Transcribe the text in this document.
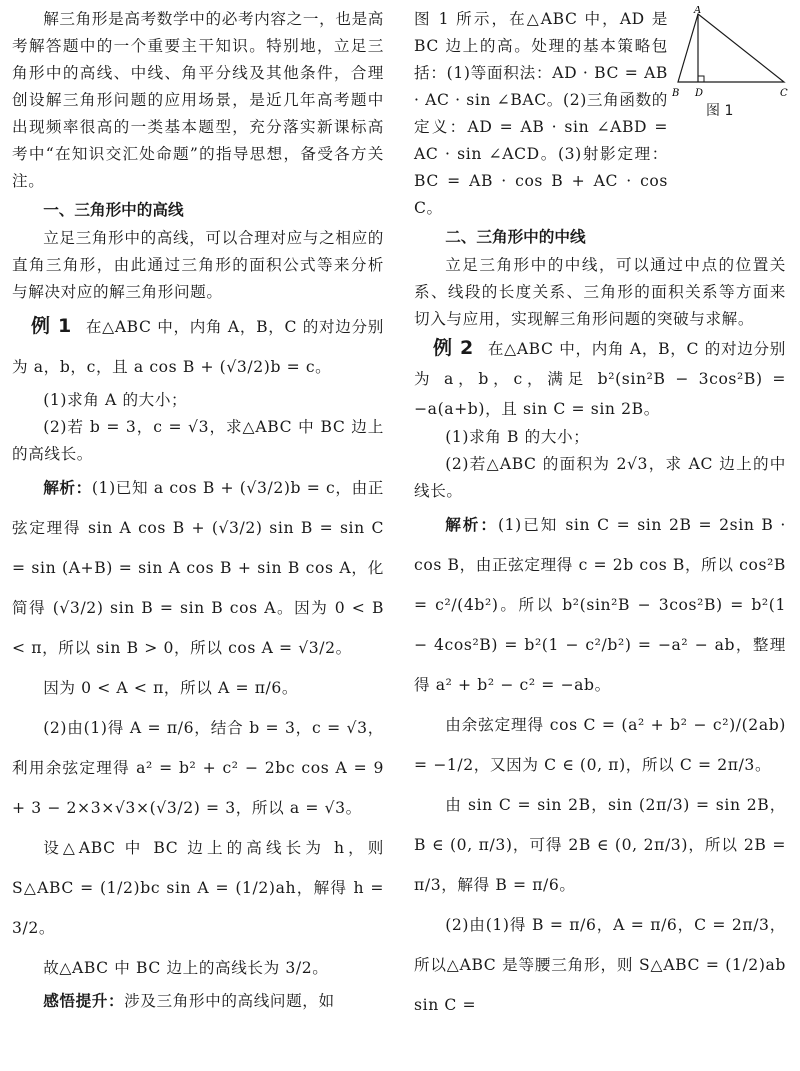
解三角形是高考数学中的必考内容之一，也是高考解答题中的一个重要主干知识。特别地，立足三角形中的高线、中线、角平分线及其他条件，合理创设解三角形问题的应用场景，是近几年高考题中出现频率很高的一类基本题型，充分落实新课标高考中“在知识交汇处命题”的指导思想，备受各方关注。

一、三角形中的高线

立足三角形中的高线，可以合理对应与之相应的直角三角形，由此通过三角形的面积公式等来分析与解决对应的解三角形问题。

例 1 在△ABC 中，内角 A，B，C 的对边分别为 a，b，c，且 a cos B + (√3/2)b = c。

(1)求角 A 的大小；

(2)若 b = 3，c = √3，求△ABC 中 BC 边上的高线长。

解析：(1)已知 a cos B + (√3/2)b = c，由正弦定理得 sin A cos B + (√3/2) sin B = sin C = sin (A+B) = sin A cos B + sin B cos A，化简得 (√3/2) sin B = sin B cos A。因为 0 < B < π，所以 sin B > 0，所以 cos A = √3/2。

因为 0 < A < π，所以 A = π/6。

(2)由(1)得 A = π/6，结合 b = 3，c = √3，利用余弦定理得 a² = b² + c² − 2bc cos A = 9 + 3 − 2×3×√3×(√3/2) = 3，所以 a = √3。

设△ABC 中 BC 边上的高线长为 h，则 S△ABC = (1/2)bc sin A = (1/2)ah，解得 h = 3/2。

故△ABC 中 BC 边上的高线长为 3/2。

感悟提升：涉及三角形中的高线问题，如

A
B D	C
图 1

图 1 所示，在△ABC 中，AD 是 BC 边上的高。处理的基本策略包括：(1)等面积法：AD · BC = AB · AC · sin ∠BAC。(2)三角函数的定义：AD = AB · sin ∠ABD = AC · sin ∠ACD。(3)射影定理：BC = AB · cos B + AC · cos C。

二、三角形中的中线

立足三角形中的中线，可以通过中点的位置关系、线段的长度关系、三角形的面积关系等方面来切入与应用，实现解三角形问题的突破与求解。

例 2 在△ABC 中，内角 A，B，C 的对边分别为 a，b，c，满足 b²(sin²B − 3cos²B) = −a(a+b)，且 sin C = sin 2B。

(1)求角 B 的大小；

(2)若△ABC 的面积为 2√3，求 AC 边上的中线长。

解析：(1)已知 sin C = sin 2B = 2sin B · cos B，由正弦定理得 c = 2b cos B，所以 cos²B = c²/(4b²)。所以 b²(sin²B − 3cos²B) = b²(1 − 4cos²B) = b²(1 − c²/b²) = −a² − ab，整理得 a² + b² − c² = −ab。

由余弦定理得 cos C = (a² + b² − c²)/(2ab) = −1/2，又因为 C ∈ (0, π)，所以 C = 2π/3。

由 sin C = sin 2B，sin (2π/3) = sin 2B，B ∈ (0, π/3)，可得 2B ∈ (0, 2π/3)，所以 2B = π/3，解得 B = π/6。

(2)由(1)得 B = π/6，A = π/6，C = 2π/3，所以△ABC 是等腰三角形，则 S△ABC = (1/2)ab sin C =
